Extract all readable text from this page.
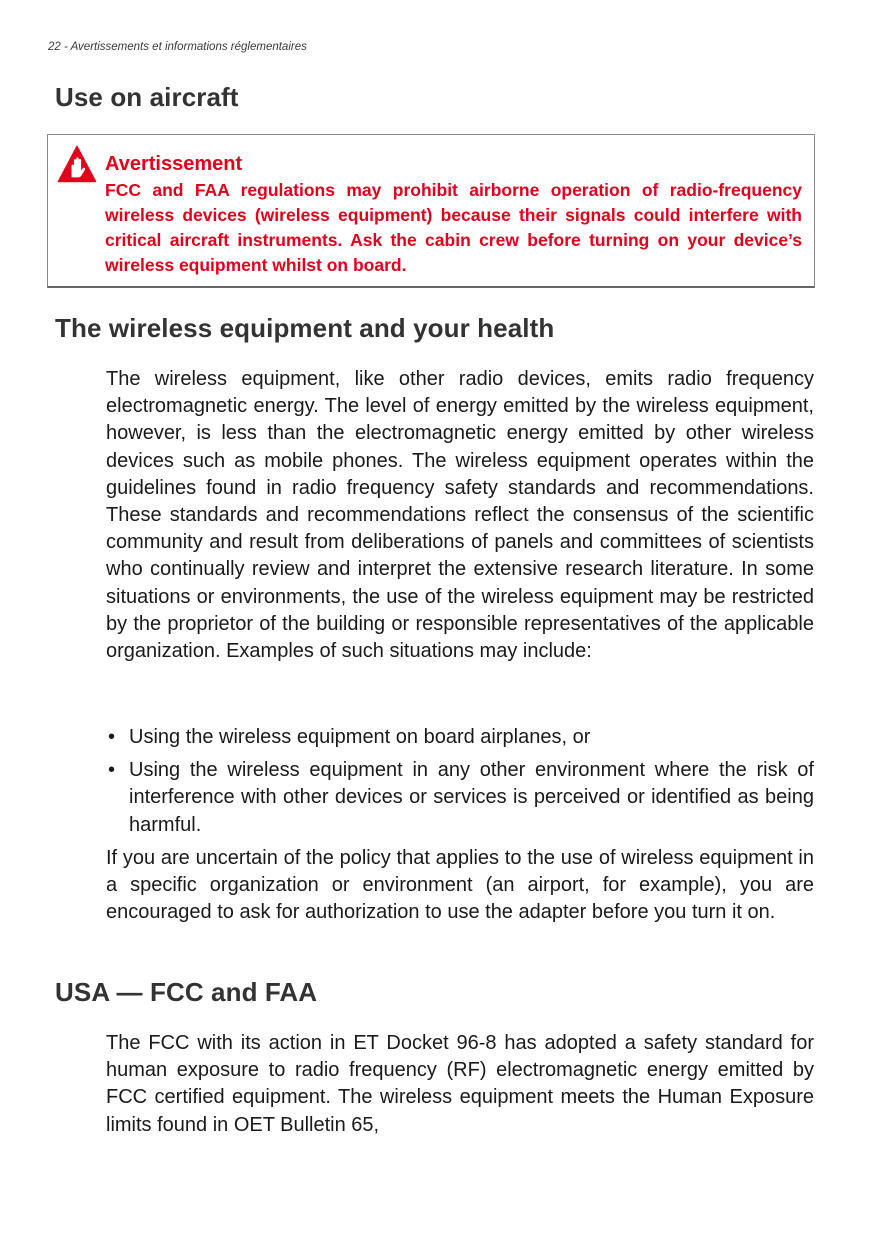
22 - Avertissements et informations réglementaires
Use on aircraft
Avertissement

FCC and FAA regulations may prohibit airborne operation of radio-frequency wireless devices (wireless equipment) because their signals could interfere with critical aircraft instruments. Ask the cabin crew before turning on your device’s wireless equipment whilst on board.

The wireless equipment and your health

The wireless equipment, like other radio devices, emits radio frequency electromagnetic energy. The level of energy emitted by the wireless equipment, however, is less than the electromagnetic energy emitted by other wireless devices such as mobile phones. The wireless equipment operates within the guidelines found in radio frequency safety standards and recommendations. These standards and recommendations reflect the consensus of the scientific community and result from deliberations of panels and committees of scientists who continually review and interpret the extensive research literature. In some situations or environments, the use of the wireless equipment may be restricted by the proprietor of the building or responsible representatives of the applicable organization. Examples of such situations may include:

• Using the wireless equipment on board airplanes, or
• Using the wireless equipment in any other environment where the risk of interference with other devices or services is perceived or identified as being harmful.

If you are uncertain of the policy that applies to the use of wireless equipment in a specific organization or environment (an airport, for example), you are encouraged to ask for authorization to use the adapter before you turn it on.

USA — FCC and FAA

The FCC with its action in ET Docket 96-8 has adopted a safety standard for human exposure to radio frequency (RF) electromagnetic energy emitted by FCC certified equipment. The wireless equipment meets the Human Exposure limits found in OET Bulletin 65,
